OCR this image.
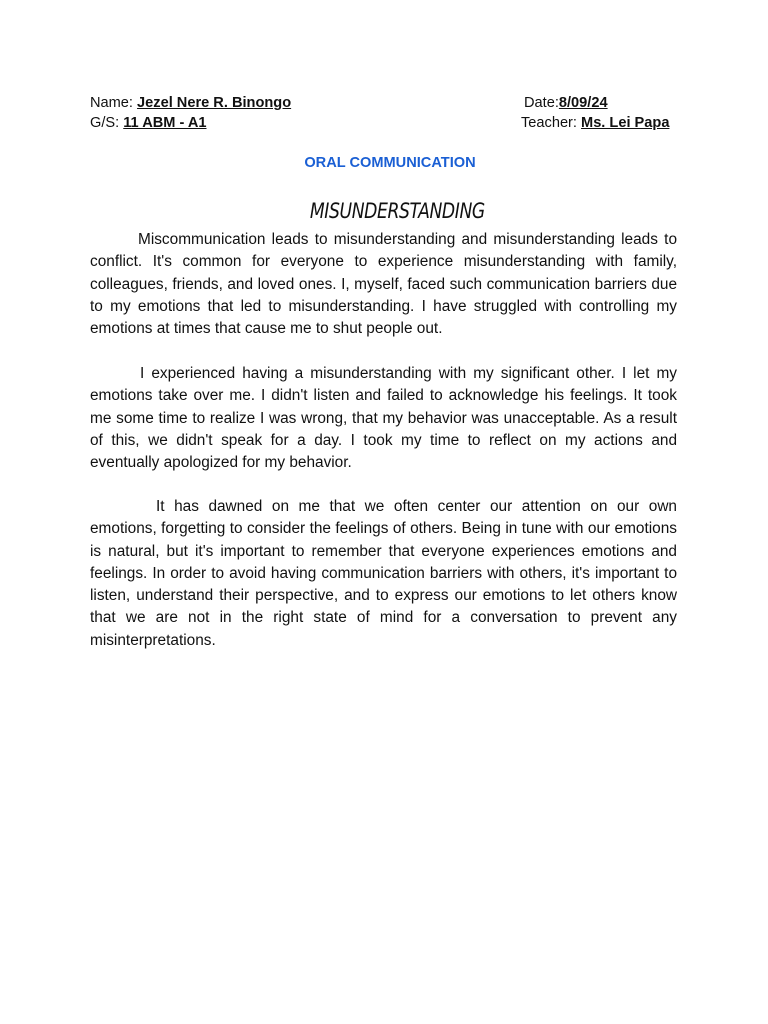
Name: Jezel Nere R. Binongo	Date:8/09/24
G/S: 11 ABM - A1	Teacher: Ms. Lei Papa
ORAL COMMUNICATION
MISUNDERSTANDING

Miscommunication leads to misunderstanding and misunderstanding leads to conflict. It's common for everyone to experience misunderstanding with family, colleagues, friends, and loved ones. I, myself, faced such communication barriers due to my emotions that led to misunderstanding. I have struggled with controlling my emotions at times that cause me to shut people out.

I experienced having a misunderstanding with my significant other. I let my emotions take over me. I didn't listen and failed to acknowledge his feelings. It took me some time to realize I was wrong, that my behavior was unacceptable. As a result of this, we didn't speak for a day. I took my time to reflect on my actions and eventually apologized for my behavior.

It has dawned on me that we often center our attention on our own emotions, forgetting to consider the feelings of others. Being in tune with our emotions is natural, but it's important to remember that everyone experiences emotions and feelings. In order to avoid having communication barriers with others, it's important to listen, understand their perspective, and to express our emotions to let others know that we are not in the right state of mind for a conversation to prevent any misinterpretations.
